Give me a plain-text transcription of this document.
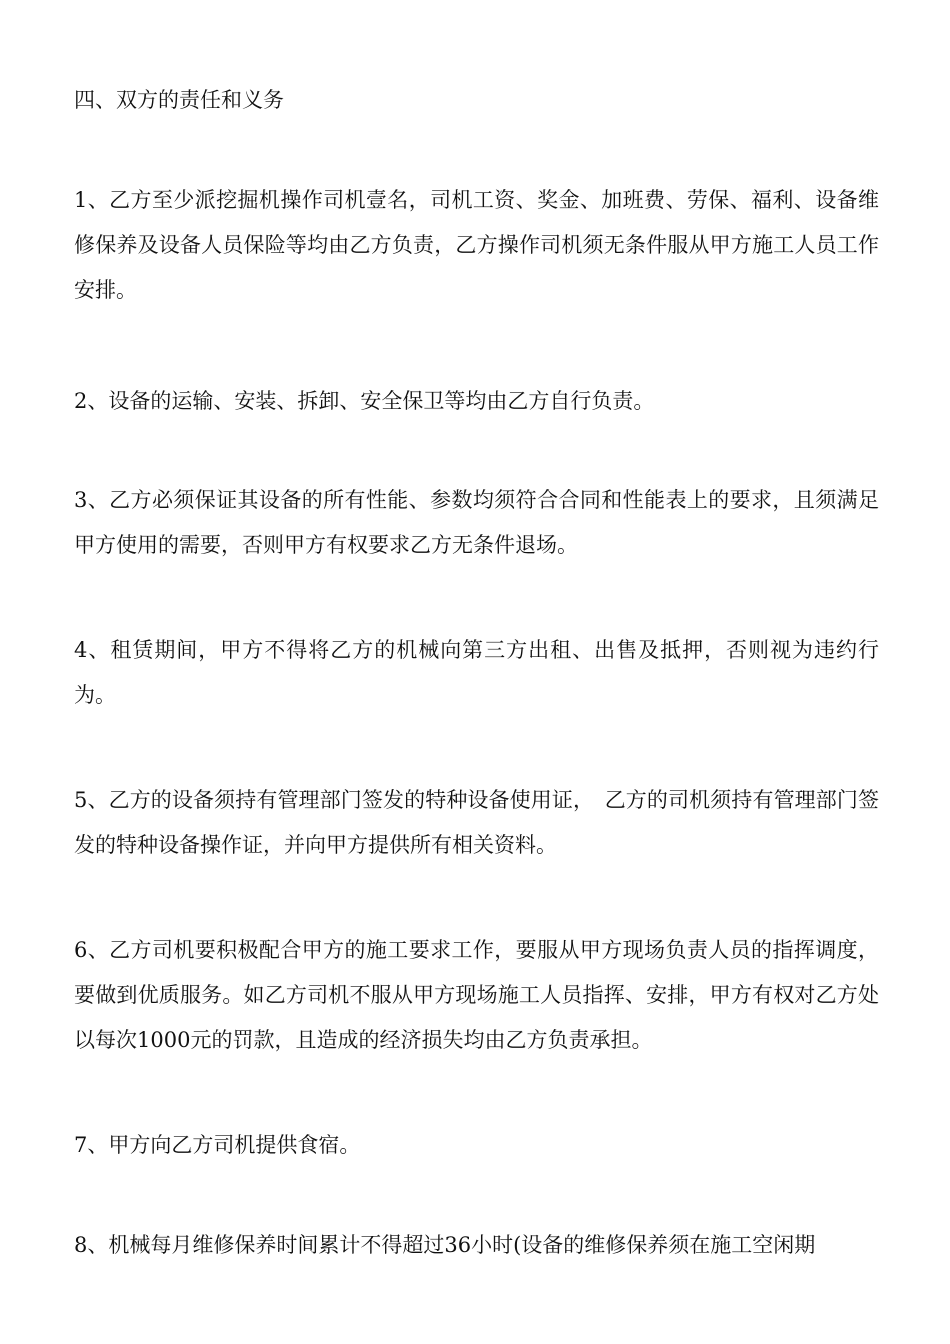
四、双方的责任和义务

1、乙方至少派挖掘机操作司机壹名，司机工资、奖金、加班费、劳保、福利、设备维修保养及设备人员保险等均由乙方负责，乙方操作司机须无条件服从甲方施工人员工作安排。

2、设备的运输、安装、拆卸、安全保卫等均由乙方自行负责。

3、乙方必须保证其设备的所有性能、参数均须符合合同和性能表上的要求，且须满足甲方使用的需要，否则甲方有权要求乙方无条件退场。

4、租赁期间，甲方不得将乙方的机械向第三方出租、出售及抵押，否则视为违约行为。

5、乙方的设备须持有管理部门签发的特种设备使用证，　乙方的司机须持有管理部门签发的特种设备操作证，并向甲方提供所有相关资料。

6、乙方司机要积极配合甲方的施工要求工作，要服从甲方现场负责人员的指挥调度，要做到优质服务。如乙方司机不服从甲方现场施工人员指挥、安排，甲方有权对乙方处以每次1000元的罚款，且造成的经济损失均由乙方负责承担。

7、甲方向乙方司机提供食宿。

8、机械每月维修保养时间累计不得超过36小时(设备的维修保养须在施工空闲期
